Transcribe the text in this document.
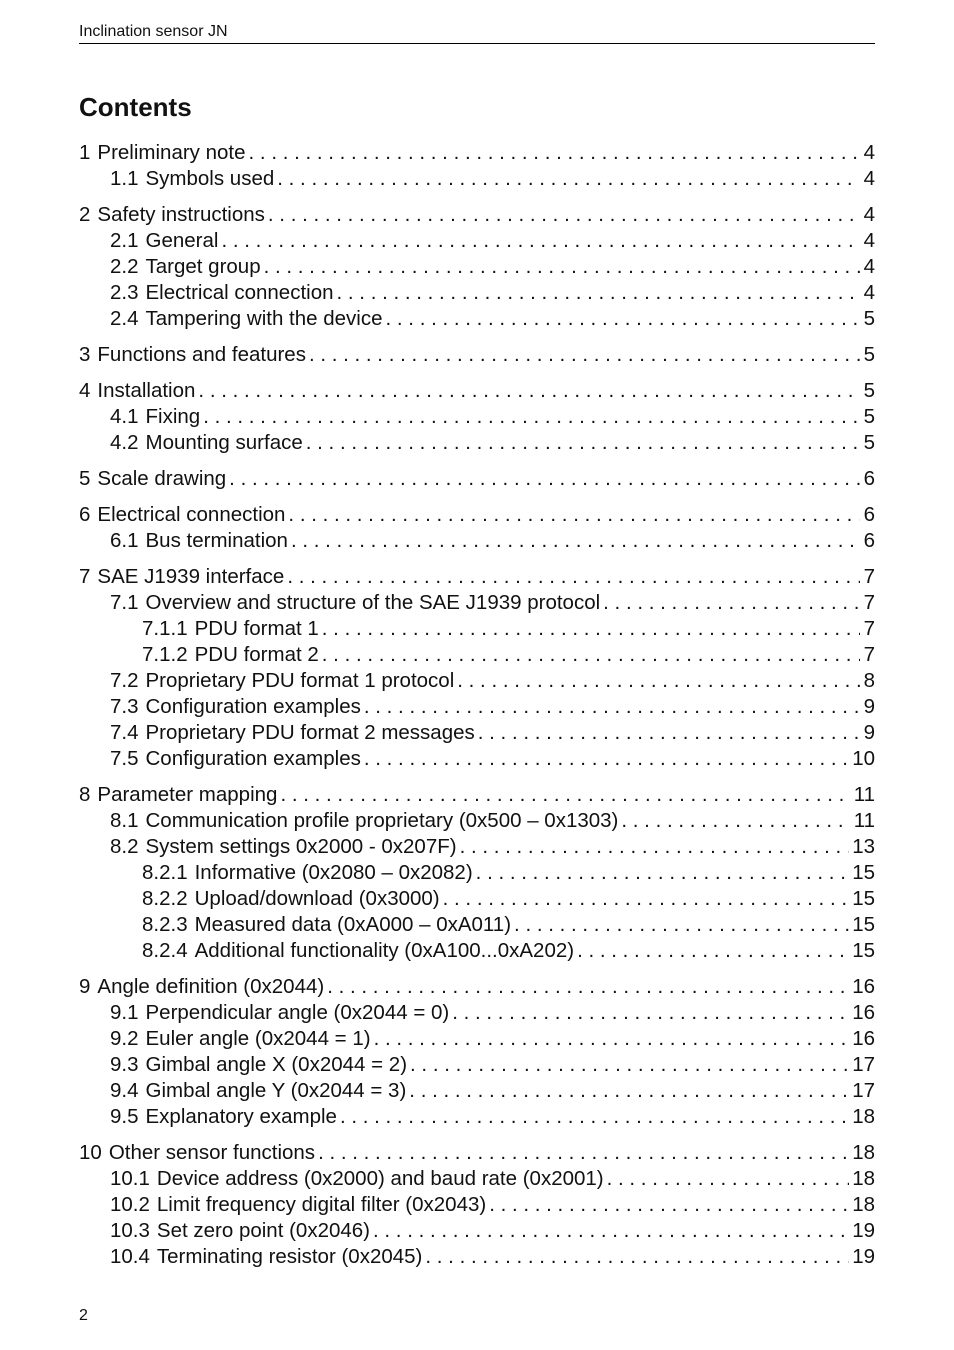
Inclination sensor JN
Contents
1 Preliminary note . . .	4
1.1 Symbols used . . .	4
2 Safety instructions . . .	4
2.1 General . . .	4
2.2 Target group . . .	4
2.3 Electrical connection . . .	4
2.4 Tampering with the device . . .	5
3 Functions and features . . .	5
4 Installation . . .	5
4.1 Fixing . . .	5
4.2 Mounting surface . . .	5
5 Scale drawing . . .	6
6 Electrical connection . . .	6
6.1 Bus termination . . .	6
7 SAE J1939 interface . . .	7
7.1 Overview and structure of the SAE J1939 protocol . . .	7
7.1.1 PDU format 1 . . .	7
7.1.2 PDU format 2 . . .	7
7.2 Proprietary PDU format 1 protocol . . .	8
7.3 Configuration examples . . .	9
7.4 Proprietary PDU format 2 messages . . .	9
7.5 Configuration examples . . .	10
8 Parameter mapping . . .	11
8.1 Communication profile proprietary (0x500 – 0x1303) . . .	11
8.2 System settings 0x2000 - 0x207F) . . .	13
8.2.1 Informative (0x2080 – 0x2082) . . .	15
8.2.2 Upload/download (0x3000) . . .	15
8.2.3 Measured data (0xA000 – 0xA011) . . .	15
8.2.4 Additional functionality (0xA100...0xA202) . . .	15
9 Angle definition (0x2044) . . .	16
9.1 Perpendicular angle (0x2044 = 0) . . .	16
9.2 Euler angle (0x2044 = 1) . . .	16
9.3 Gimbal angle X (0x2044 = 2) . . .	17
9.4 Gimbal angle Y (0x2044 = 3) . . .	17
9.5 Explanatory example . . .	18
10 Other sensor functions . . .	18
10.1 Device address (0x2000) and baud rate (0x2001) . . .	18
10.2 Limit frequency digital filter (0x2043) . . .	18
10.3 Set zero point (0x2046) . . .	19
10.4 Terminating resistor (0x2045) . . .	19
2
